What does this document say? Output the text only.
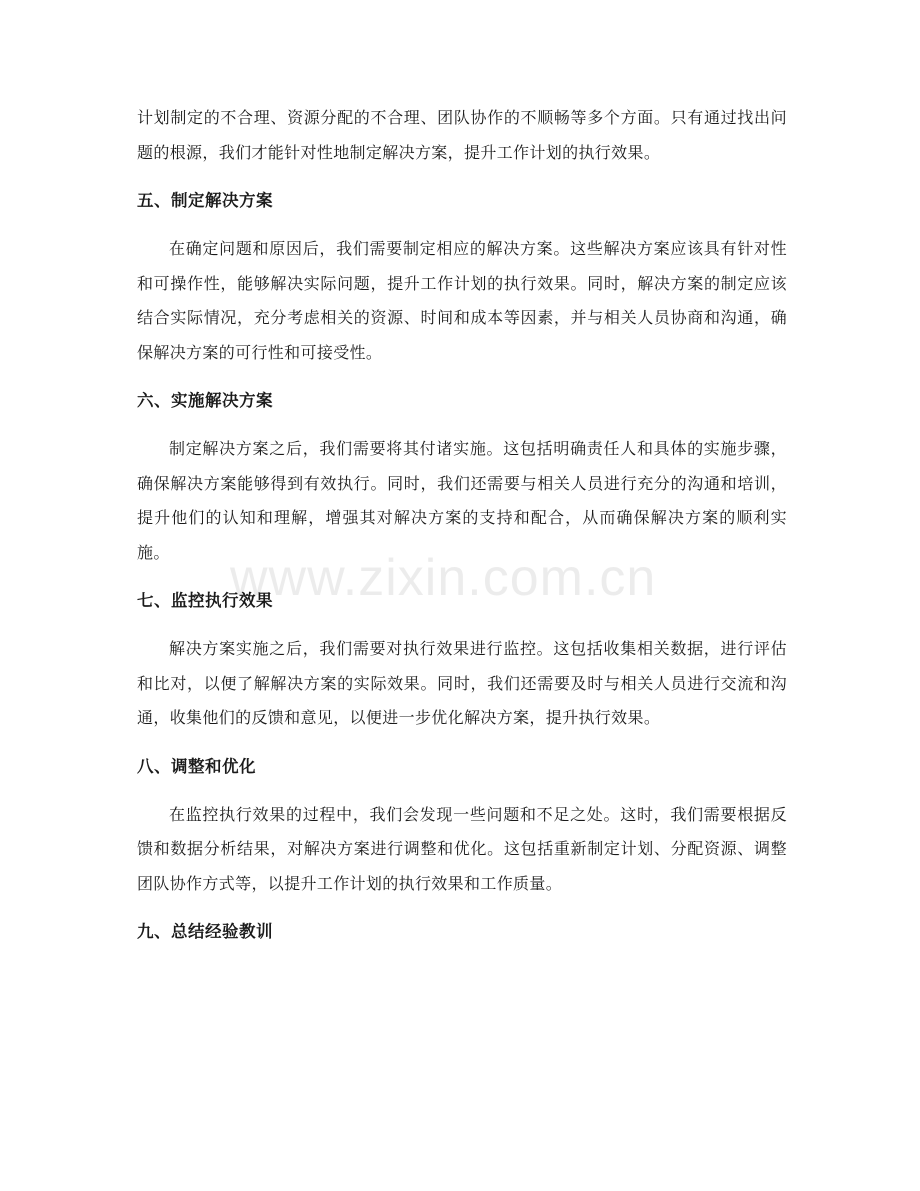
计划制定的不合理、资源分配的不合理、团队协作的不顺畅等多个方面。只有通过找出问题的根源，我们才能针对性地制定解决方案，提升工作计划的执行效果。

五、制定解决方案

在确定问题和原因后，我们需要制定相应的解决方案。这些解决方案应该具有针对性和可操作性，能够解决实际问题，提升工作计划的执行效果。同时，解决方案的制定应该结合实际情况，充分考虑相关的资源、时间和成本等因素，并与相关人员协商和沟通，确保解决方案的可行性和可接受性。

六、实施解决方案

制定解决方案之后，我们需要将其付诸实施。这包括明确责任人和具体的实施步骤，确保解决方案能够得到有效执行。同时，我们还需要与相关人员进行充分的沟通和培训，提升他们的认知和理解，增强其对解决方案的支持和配合，从而确保解决方案的顺利实施。

七、监控执行效果

解决方案实施之后，我们需要对执行效果进行监控。这包括收集相关数据，进行评估和比对，以便了解解决方案的实际效果。同时，我们还需要及时与相关人员进行交流和沟通，收集他们的反馈和意见，以便进一步优化解决方案，提升执行效果。

八、调整和优化

在监控执行效果的过程中，我们会发现一些问题和不足之处。这时，我们需要根据反馈和数据分析结果，对解决方案进行调整和优化。这包括重新制定计划、分配资源、调整团队协作方式等，以提升工作计划的执行效果和工作质量。

九、总结经验教训
www.zixin.com.cn
